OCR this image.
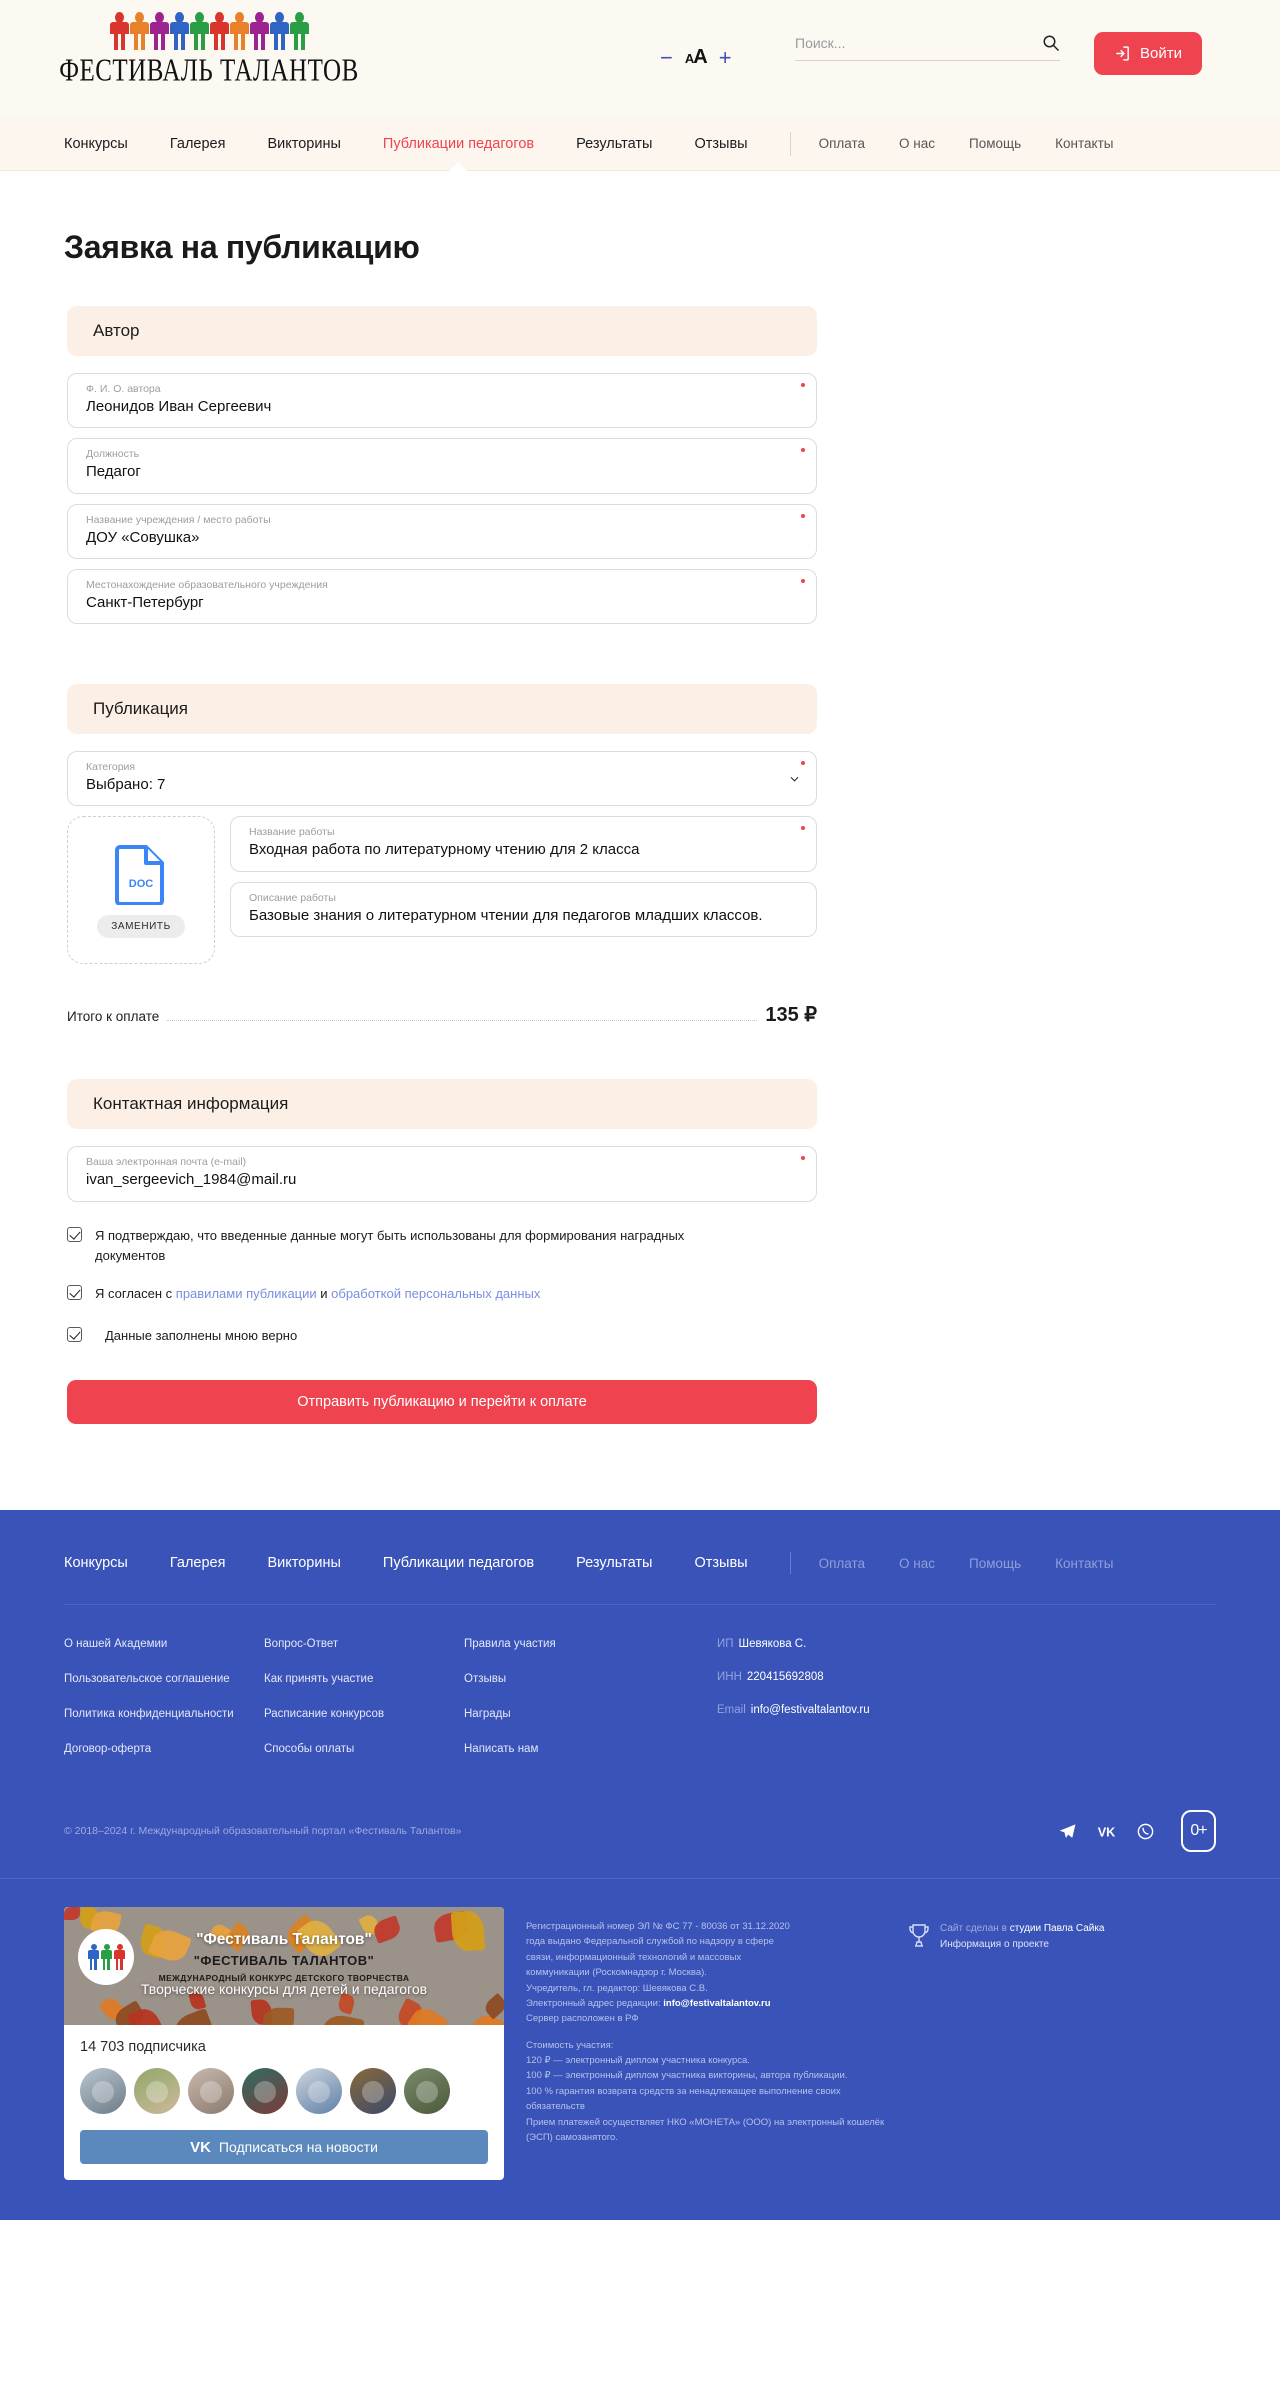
ФЕСТИВАЛЬ ТАЛАНТОВ	− AA +
Поиск...	Войти
Конкурсы	Галерея	Викторины	Публикации педагогов	Результаты	Отзывы	Оплата	О нас	Помощь	Контакты
Заявка на публикацию
Автор
Ф. И. О. автора
Леонидов Иван Сергеевич
Должность
Педагог
Название учреждения / место работы
ДОУ «Совушка»
Местонахождение образовательного учреждения
Санкт-Петербург
Публикация
Категория
Выбрано: 7
DOC
ЗАМЕНИТЬ
Название работы
Входная работа по литературному чтению для 2 класса
Описание работы
Базовые знания о литературном чтении для педагогов младших классов.
Итого к оплате	135 ₽
Контактная информация
Ваша электронная почта (e-mail)
ivan_sergeevich_1984@mail.ru
Я подтверждаю, что введенные данные могут быть использованы для формирования наградных документов
Я согласен с правилами публикации и обработкой персональных данных
Данные заполнены мною верно
Отправить публикацию и перейти к оплате
Конкурсы	Галерея	Викторины	Публикации педагогов	Результаты	Отзывы	Оплата	О нас	Помощь	Контакты
О нашей Академии
Пользовательское соглашение
Политика конфиденциальности
Договор-оферта
Вопрос-Ответ
Как принять участие
Расписание конкурсов
Способы оплаты
Правила участия
Отзывы
Награды
Написать нам
ИП Шевякова С.
ИНН 220415692808
Email info@festivaltalantov.ru
© 2018–2024 г. Международный образовательный портал «Фестиваль Талантов»	VK	0+
"Фестиваль Талантов"
"ФЕСТИВАЛЬ ТАЛАНТОВ"
МЕЖДУНАРОДНЫЙ КОНКУРС ДЕТСКОГО ТВОРЧЕСТВА
Творческие конкурсы для детей и педагогов
14 703 подписчика
VK Подписаться на новости
Регистрационный номер ЭЛ № ФС 77 - 80036 от 31.12.2020
года выдано Федеральной службой по надзору в сфере
связи, информационный технологий и массовых
коммуникации (Роскомнадзор г. Москва).
Учредитель, гл. редактор: Шевякова С.В.
Электронный адрес редакции: info@festivaltalantov.ru
Сервер расположен в РФ
Стоимость участия:
120 ₽ — электронный диплом участника конкурса.
100 ₽ — электронный диплом участника викторины, автора публикации.
100 % гарантия возврата средств за ненадлежащее выполнение своих обязательств
Прием платежей осуществляет НКО «МОНЕТА» (ООО) на электронный кошелёк (ЭСП) самозанятого.
Сайт сделан в студии Павла Сайка
Информация о проекте
